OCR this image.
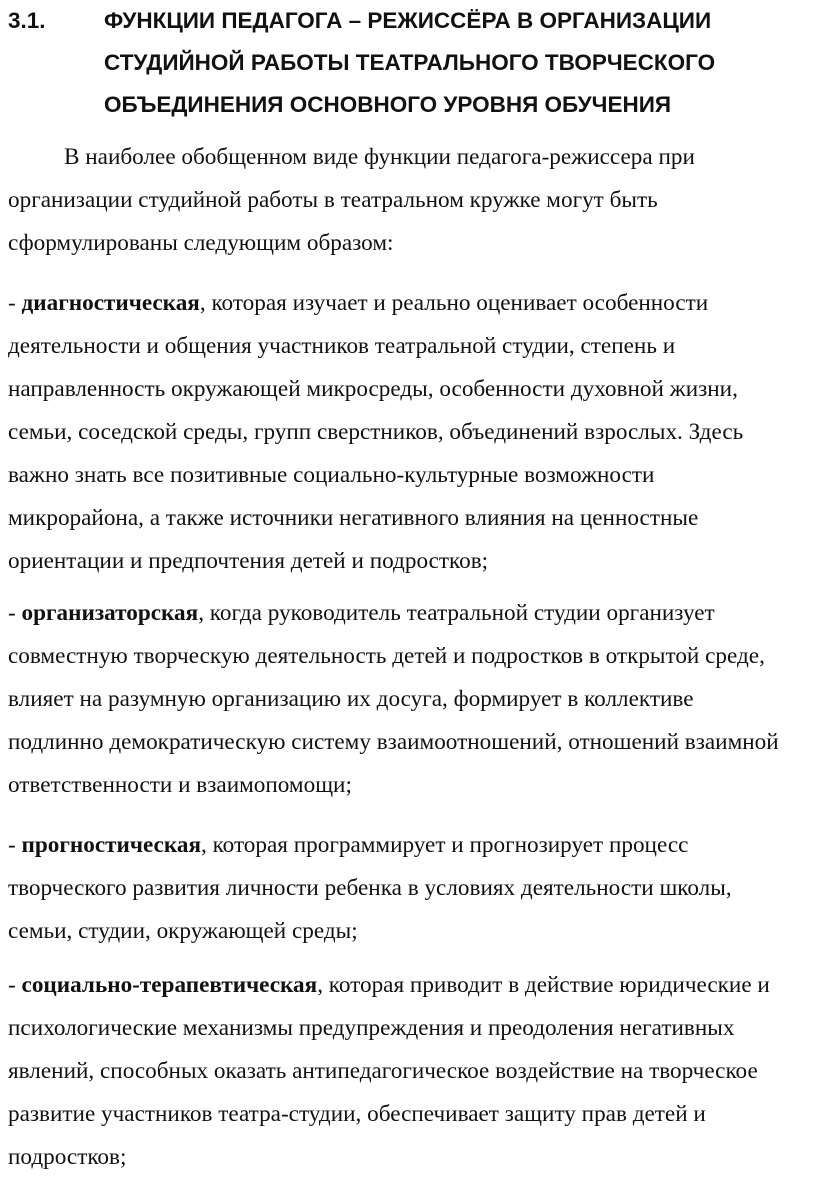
3.1.	ФУНКЦИИ ПЕДАГОГА – РЕЖИССЁРА В ОРГАНИЗАЦИИ
СТУДИЙНОЙ РАБОТЫ ТЕАТРАЛЬНОГО ТВОРЧЕСКОГО
ОБЪЕДИНЕНИЯ ОСНОВНОГО УРОВНЯ ОБУЧЕНИЯ

В наиболее обобщенном виде функции педагога-режиссера при
организации студийной работы в театральном кружке могут быть
сформулированы следующим образом:

- диагностическая, которая изучает и реально оценивает особенности
деятельности и общения участников театральной студии, степень и
направленность окружающей микросреды, особенности духовной жизни,
семьи, соседской среды, групп сверстников, объединений взрослых. Здесь
важно знать все позитивные социально-культурные возможности
микрорайона, а также источники негативного влияния на ценностные
ориентации и предпочтения детей и подростков;

- организаторская, когда руководитель театральной студии организует
совместную творческую деятельность детей и подростков в открытой среде,
влияет на разумную организацию их досуга, формирует в коллективе
подлинно демократическую систему взаимоотношений, отношений взаимной
ответственности и взаимопомощи;

- прогностическая, которая программирует и прогнозирует процесс
творческого развития личности ребенка в условиях деятельности школы,
семьи, студии, окружающей среды;

- социально-терапевтическая, которая приводит в действие юридические и
психологические механизмы предупреждения и преодоления негативных
явлений, способных оказать антипедагогическое воздействие на творческое
развитие участников театра-студии, обеспечивает защиту прав детей и
подростков;
